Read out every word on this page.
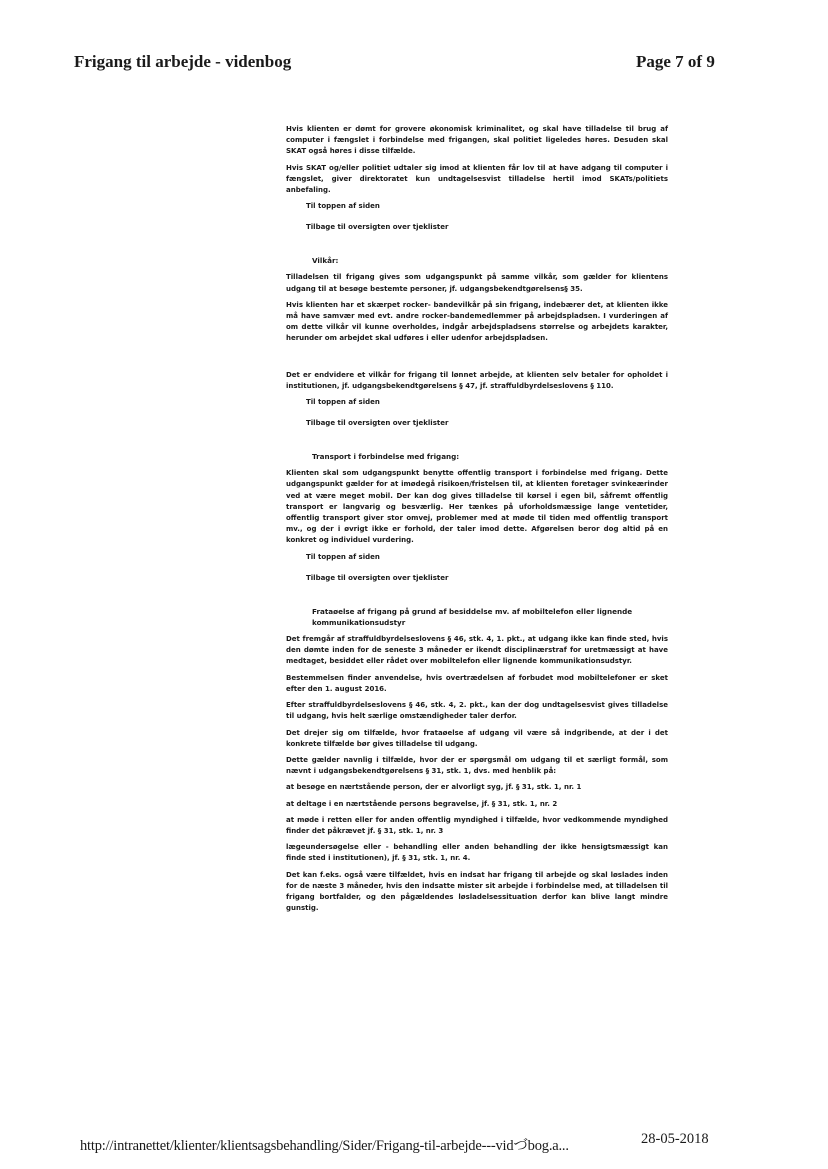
Frigang til arbejde - videnbog	Page 7 of 9

Hvis klienten er dømt for grovere økonomisk kriminalitet, og skal have tilladelse til brug af computer i fængslet i forbindelse med frigangen, skal politiet ligeledes høres. Desuden skal SKAT også høres i disse tilfælde.

Hvis SKAT og/eller politiet udtaler sig imod at klienten får lov til at have adgang til computer i fængslet, giver direktoratet kun undtagelsesvist tilladelse hertil imod SKATs/politiets anbefaling.

Til toppen af siden
Tilbage til oversigten over tjeklister
Vilkår:

Tilladelsen til frigang gives som udgangspunkt på samme vilkår, som gælder for klientens udgang til at besøge bestemte personer, jf. udgangsbekendtgørelsens§ 35.

Hvis klienten har et skærpet rocker- bandevilkår på sin frigang, indebærer det, at klienten ikke må have samvær med evt. andre rocker-bandemedlemmer på arbejdspladsen. I vurderingen af om dette vilkår vil kunne overholdes, indgår arbejdspladsens størrelse og arbejdets karakter, herunder om arbejdet skal udføres i eller udenfor arbejdspladsen.

Det er endvidere et vilkår for frigang til lønnet arbejde, at klienten selv betaler for opholdet i institutionen, jf. udgangsbekendtgørelsens § 47, jf. straffuldbyrdelseslovens § 110.

Til toppen af siden
Tilbage til oversigten over tjeklister
Transport i forbindelse med frigang:

Klienten skal som udgangspunkt benytte offentlig transport i forbindelse med frigang. Dette udgangspunkt gælder for at imødegå risikoen/fristelsen til, at klienten foretager svinkeærinder ved at være meget mobil. Der kan dog gives tilladelse til kørsel i egen bil, såfremt offentlig transport er langvarig og besværlig. Her tænkes på uforholdsmæssige lange ventetider, offentlig transport giver stor omvej, problemer med at møde til tiden med offentlig transport mv., og der i øvrigt ikke er forhold, der taler imod dette. Afgørelsen beror dog altid på en konkret og individuel vurdering.

Til toppen af siden
Tilbage til oversigten over tjeklister
Frataøelse af frigang på grund af besiddelse mv. af mobiltelefon eller lignende kommunikationsudstyr

Det fremgår af straffuldbyrdelseslovens § 46, stk. 4, 1. pkt., at udgang ikke kan finde sted, hvis den dømte inden for de seneste 3 måneder er ikendt disciplinærstraf for uretmæssigt at have medtaget, besiddet eller rådet over mobiltelefon eller lignende kommunikationsudstyr.

Bestemmelsen finder anvendelse, hvis overtrædelsen af forbudet mod mobiltelefoner er sket efter den 1. august 2016.

Efter straffuldbyrdelseslovens § 46, stk. 4, 2. pkt., kan der dog undtagelsesvist gives tilladelse til udgang, hvis helt særlige omstændigheder taler derfor.

Det drejer sig om tilfælde, hvor frataøelse af udgang vil være så indgribende, at der i det konkrete tilfælde bør gives tilladelse til udgang.

Dette gælder navnlig i tilfælde, hvor der er spørgsmål om udgang til et særligt formål, som nævnt i udgangsbekendtgørelsens § 31, stk. 1, dvs. med henblik på:

at besøge en nærtstående person, der er alvorligt syg, jf. § 31, stk. 1, nr. 1

at deltage i en nærtstående persons begravelse, jf. § 31, stk. 1, nr. 2

at møde i retten eller for anden offentlig myndighed i tilfælde, hvor vedkommende myndighed finder det påkrævet jf. § 31, stk. 1, nr. 3

lægeundersøgelse eller - behandling eller anden behandling der ikke hensigtsmæssigt kan finde sted i institutionen), jf. § 31, stk. 1, nr. 4.

Det kan f.eks. også være tilfældet, hvis en indsat har frigang til arbejde og skal løslades inden for de næste 3 måneder, hvis den indsatte mister sit arbejde i forbindelse med, at tilladelsen til frigang bortfalder, og den pågældendes løsladelsessituation derfor kan blive langt mindre gunstig.

http://intranettet/klienter/klientsagsbehandling/Sider/Frigang-til-arbejde---vidづbog.a...	28-05-2018
